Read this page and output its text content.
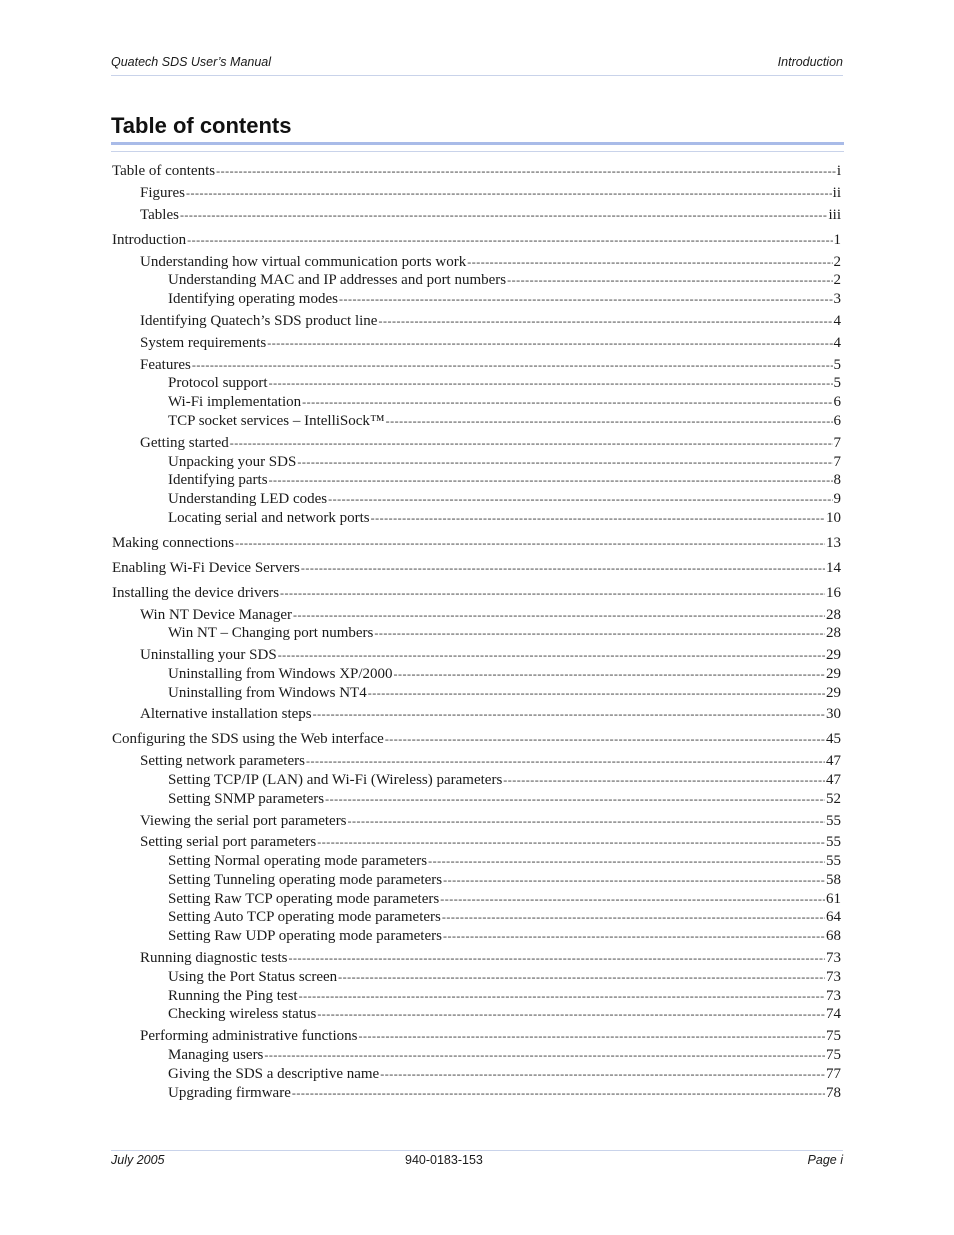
Quatech SDS User’s Manual	Introduction
Table of contents
Table of contents -----	i
Figures -----	ii
Tables -----	iii
Introduction -----	1
Understanding how virtual communication ports work -----	2
Understanding MAC and IP addresses and port numbers -----	2
Identifying operating modes -----	3
Identifying Quatech’s SDS product line -----	4
System requirements -----	4
Features -----	5
Protocol support -----	5
Wi-Fi implementation -----	6
TCP socket services – IntelliSock™ -----	6
Getting started -----	7
Unpacking your SDS -----	7
Identifying parts -----	8
Understanding LED codes -----	9
Locating serial and network ports -----	10
Making connections -----	13
Enabling Wi-Fi Device Servers -----	14
Installing the device drivers -----	16
Win NT Device Manager -----	28
Win NT – Changing port numbers -----	28
Uninstalling your SDS -----	29
Uninstalling from Windows XP/2000 -----	29
Uninstalling from Windows NT4 -----	29
Alternative installation steps -----	30
Configuring the SDS using the Web interface -----	45
Setting network parameters -----	47
Setting TCP/IP (LAN) and Wi-Fi (Wireless) parameters -----	47
Setting SNMP parameters -----	52
Viewing the serial port parameters -----	55
Setting serial port parameters -----	55
Setting Normal operating mode parameters -----	55
Setting Tunneling operating mode parameters -----	58
Setting Raw TCP operating mode parameters -----	61
Setting Auto TCP operating mode parameters -----	64
Setting Raw UDP operating mode parameters -----	68
Running diagnostic tests -----	73
Using the Port Status screen -----	73
Running the Ping test -----	73
Checking wireless status -----	74
Performing administrative functions -----	75
Managing users -----	75
Giving the SDS a descriptive name -----	77
Upgrading firmware -----	78
July 2005	940-0183-153	Page i
